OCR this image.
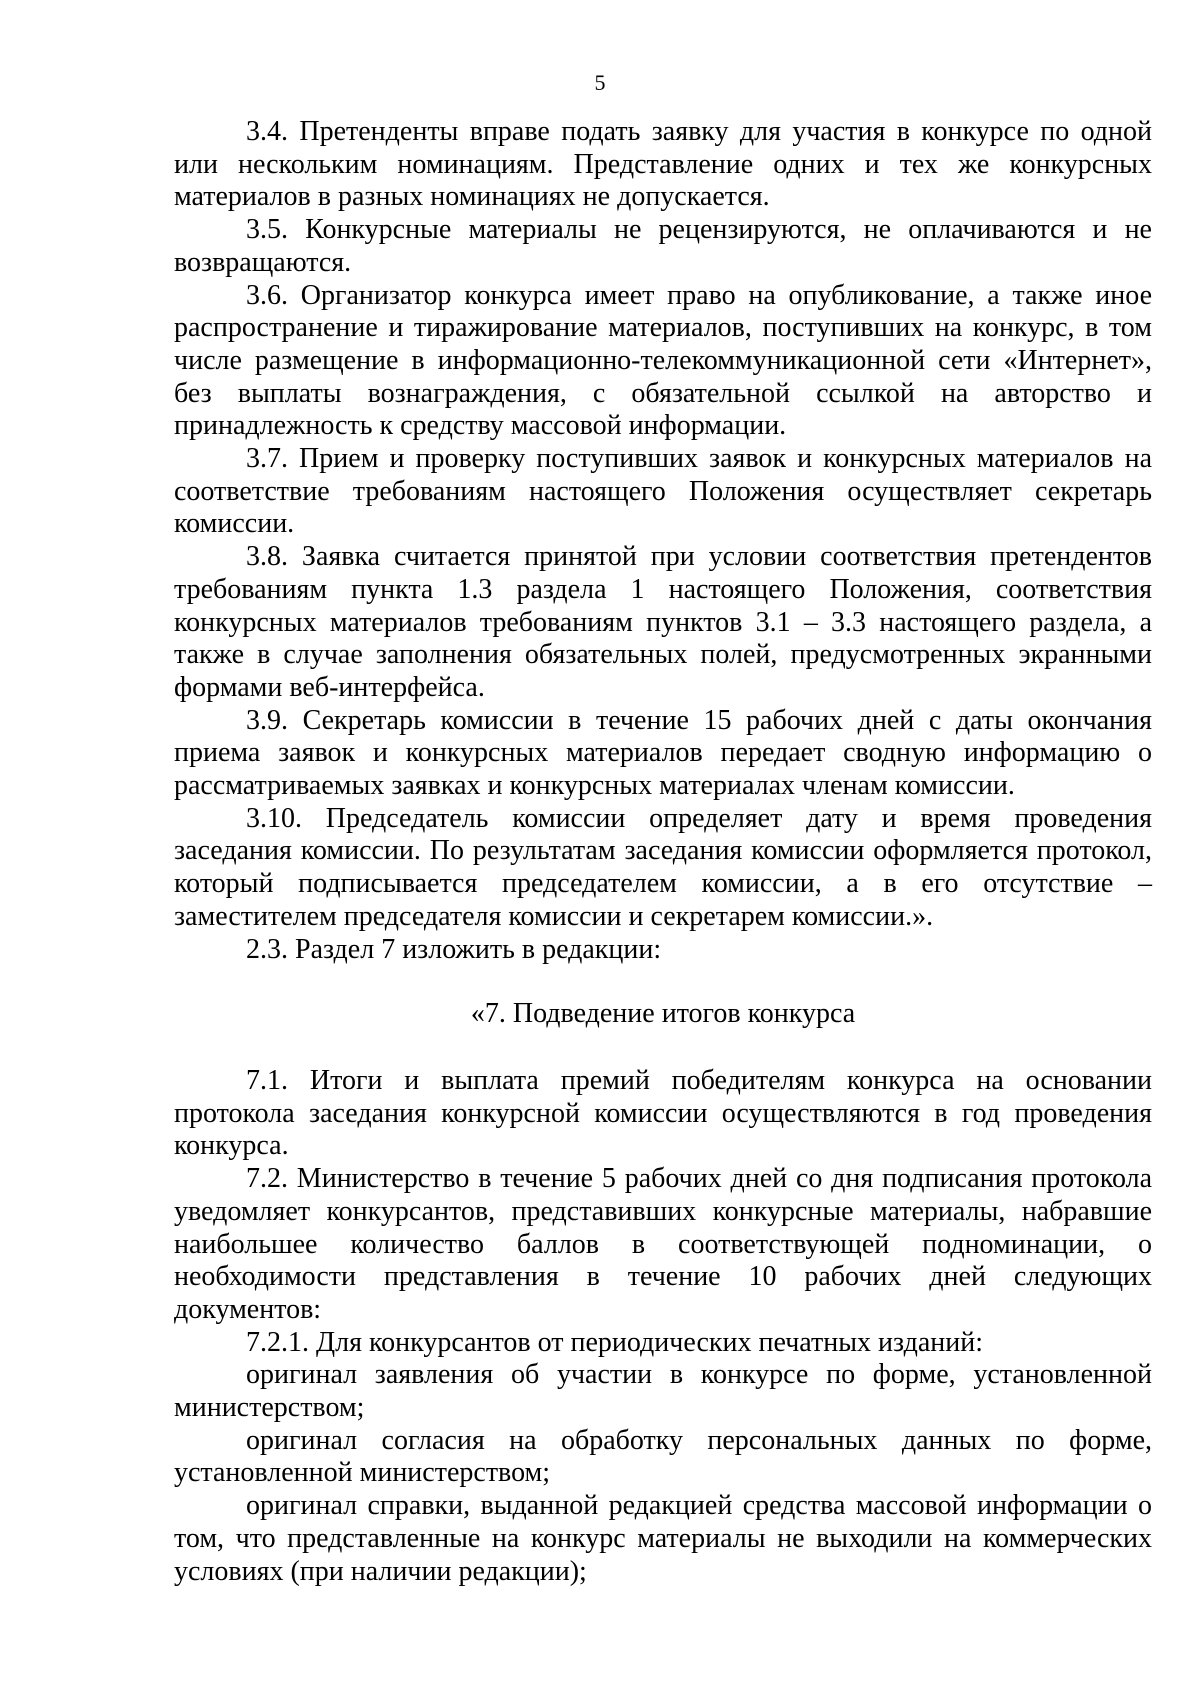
5

3.4. Претенденты вправе подать заявку для участия в конкурсе по одной или нескольким номинациям. Представление одних и тех же конкурсных материалов в разных номинациях не допускается.

3.5. Конкурсные материалы не рецензируются, не оплачиваются и не возвращаются.

3.6. Организатор конкурса имеет право на опубликование, а также иное распространение и тиражирование материалов, поступивших на конкурс, в том числе размещение в информационно-телекоммуникационной сети «Интернет», без выплаты вознаграждения, с обязательной ссылкой на авторство и принадлежность к средству массовой информации.

3.7. Прием и проверку поступивших заявок и конкурсных материалов на соответствие требованиям настоящего Положения осуществляет секретарь комиссии.

3.8. Заявка считается принятой при условии соответствия претендентов требованиям пункта 1.3 раздела 1 настоящего Положения, соответствия конкурсных материалов требованиям пунктов 3.1 – 3.3 настоящего раздела, а также в случае заполнения обязательных полей, предусмотренных экранными формами веб-интерфейса.

3.9. Секретарь комиссии в течение 15 рабочих дней с даты окончания приема заявок и конкурсных материалов передает сводную информацию о рассматриваемых заявках и конкурсных материалах членам комиссии.

3.10. Председатель комиссии определяет дату и время проведения заседания комиссии. По результатам заседания комиссии оформляется протокол, который подписывается председателем комиссии, а в его отсутствие – заместителем председателя комиссии и секретарем комиссии.».

2.3. Раздел 7 изложить в редакции:

«7. Подведение итогов конкурса

7.1. Итоги и выплата премий победителям конкурса на основании протокола заседания конкурсной комиссии осуществляются в год проведения конкурса.

7.2. Министерство в течение 5 рабочих дней со дня подписания протокола уведомляет конкурсантов, представивших конкурсные материалы, набравшие наибольшее количество баллов в соответствующей подноминации, о необходимости представления в течение 10 рабочих дней следующих документов:

7.2.1. Для конкурсантов от периодических печатных изданий:

оригинал заявления об участии в конкурсе по форме, установленной министерством;

оригинал согласия на обработку персональных данных по форме, установленной министерством;

оригинал справки, выданной редакцией средства массовой информации о том, что представленные на конкурс материалы не выходили на коммерческих условиях (при наличии редакции);
